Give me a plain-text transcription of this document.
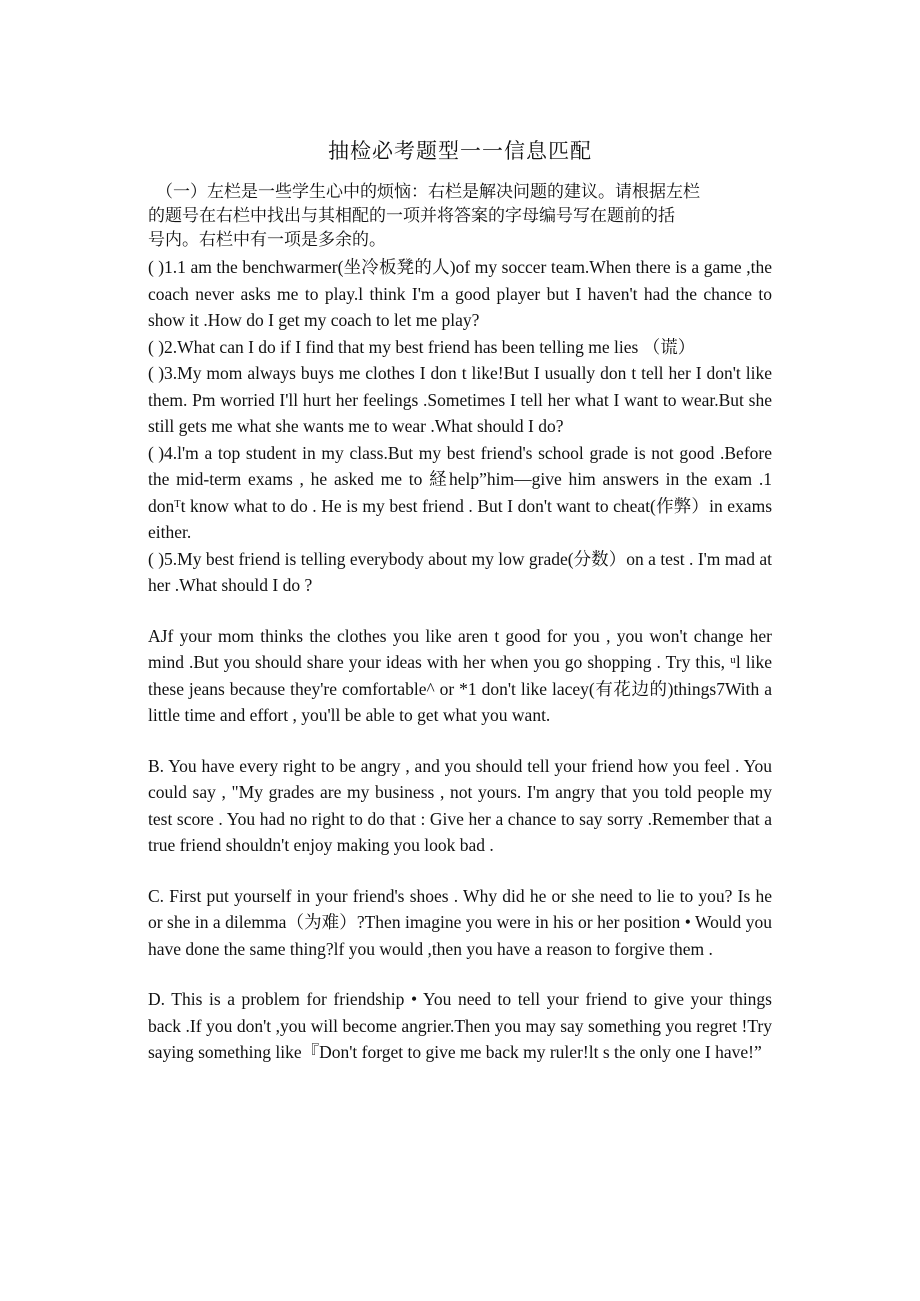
抽检必考题型一一信息匹配
（一）左栏是一些学生心中的烦恼：右栏是解决问题的建议。请根据左栏
的题号在右栏中找出与其相配的一项并将答案的字母编号写在题前的括
号内。右栏中有一项是多余的。

( )1.1 am the benchwarmer(坐冷板凳的人)of my soccer team.When there is a game ,the coach never asks me to play.l think I'm a good player but I haven't had the chance to show it .How do I get my coach to let me play?

( )2.What can I do if I find that my best friend has been telling me lies （谎）

( )3.My mom always buys me clothes I don t like!But I usually don t tell her I don't like them. Pm worried I'll hurt her feelings .Sometimes I tell her what I want to wear.But she still gets me what she wants me to wear .What should I do?

( )4.l'm a top student in my class.But my best friend's school grade is not good .Before the mid-term exams , he asked me to 経help”him—give him answers in the exam .1 donᵀt know what to do . He is my best friend . But I don't want to cheat(作弊）in exams either.

( )5.My best friend is telling everybody about my low grade(分数）on a test . I'm mad at her .What should I do ?

AJf your mom thinks the clothes you like aren t good for you , you won't change her mind .But you should share your ideas with her when you go shopping . Try this, ᵘl like these jeans because they're comfortable^ or *1 don't like lacey(有花边的)things7With a little time and effort , you'll be able to get what you want.

B. You have every right to be angry , and you should tell your friend how you feel . You could say , "My grades are my business , not yours. I'm angry that you told people my test score . You had no right to do that : Give her a chance to say sorry .Remember that a true friend shouldn't enjoy making you look bad .

C. First put yourself in your friend's shoes . Why did he or she need to lie to you? Is he or she in a dilemma（为难）?Then imagine you were in his or her position • Would you have done the same thing?lf you would ,then you have a reason to forgive them .

D. This is a problem for friendship • You need to tell your friend to give your things back .If you don't ,you will become angrier.Then you may say something you regret !Try saying something like『Don't forget to give me back my ruler!lt s the only one I have!”
